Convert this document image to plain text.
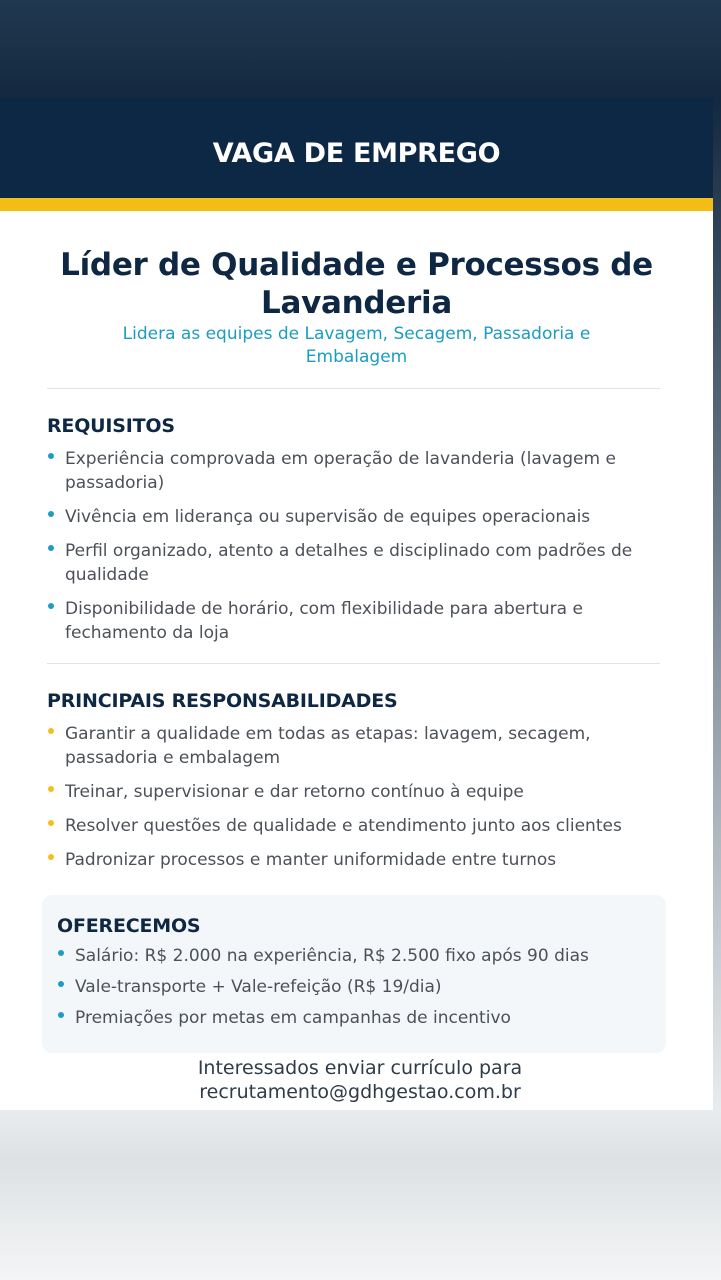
VAGA DE EMPREGO
Líder de Qualidade e Processos de Lavanderia

Lidera as equipes de Lavagem, Secagem, Passadoria e Embalagem

REQUISITOS
Experiência comprovada em operação de lavanderia (lavagem e passadoria)
Vivência em liderança ou supervisão de equipes operacionais
Perfil organizado, atento a detalhes e disciplinado com padrões de qualidade
Disponibilidade de horário, com flexibilidade para abertura e fechamento da loja
PRINCIPAIS RESPONSABILIDADES
Garantir a qualidade em todas as etapas: lavagem, secagem, passadoria e embalagem
Treinar, supervisionar e dar retorno contínuo à equipe
Resolver questões de qualidade e atendimento junto aos clientes
Padronizar processos e manter uniformidade entre turnos
OFERECEMOS
Salário: R$ 2.000 na experiência, R$ 2.500 fixo após 90 dias
Vale-transporte + Vale-refeição (R$ 19/dia)
Premiações por metas em campanhas de incentivo

Interessados enviar currículo para

recrutamento@gdhgestao.com.br
